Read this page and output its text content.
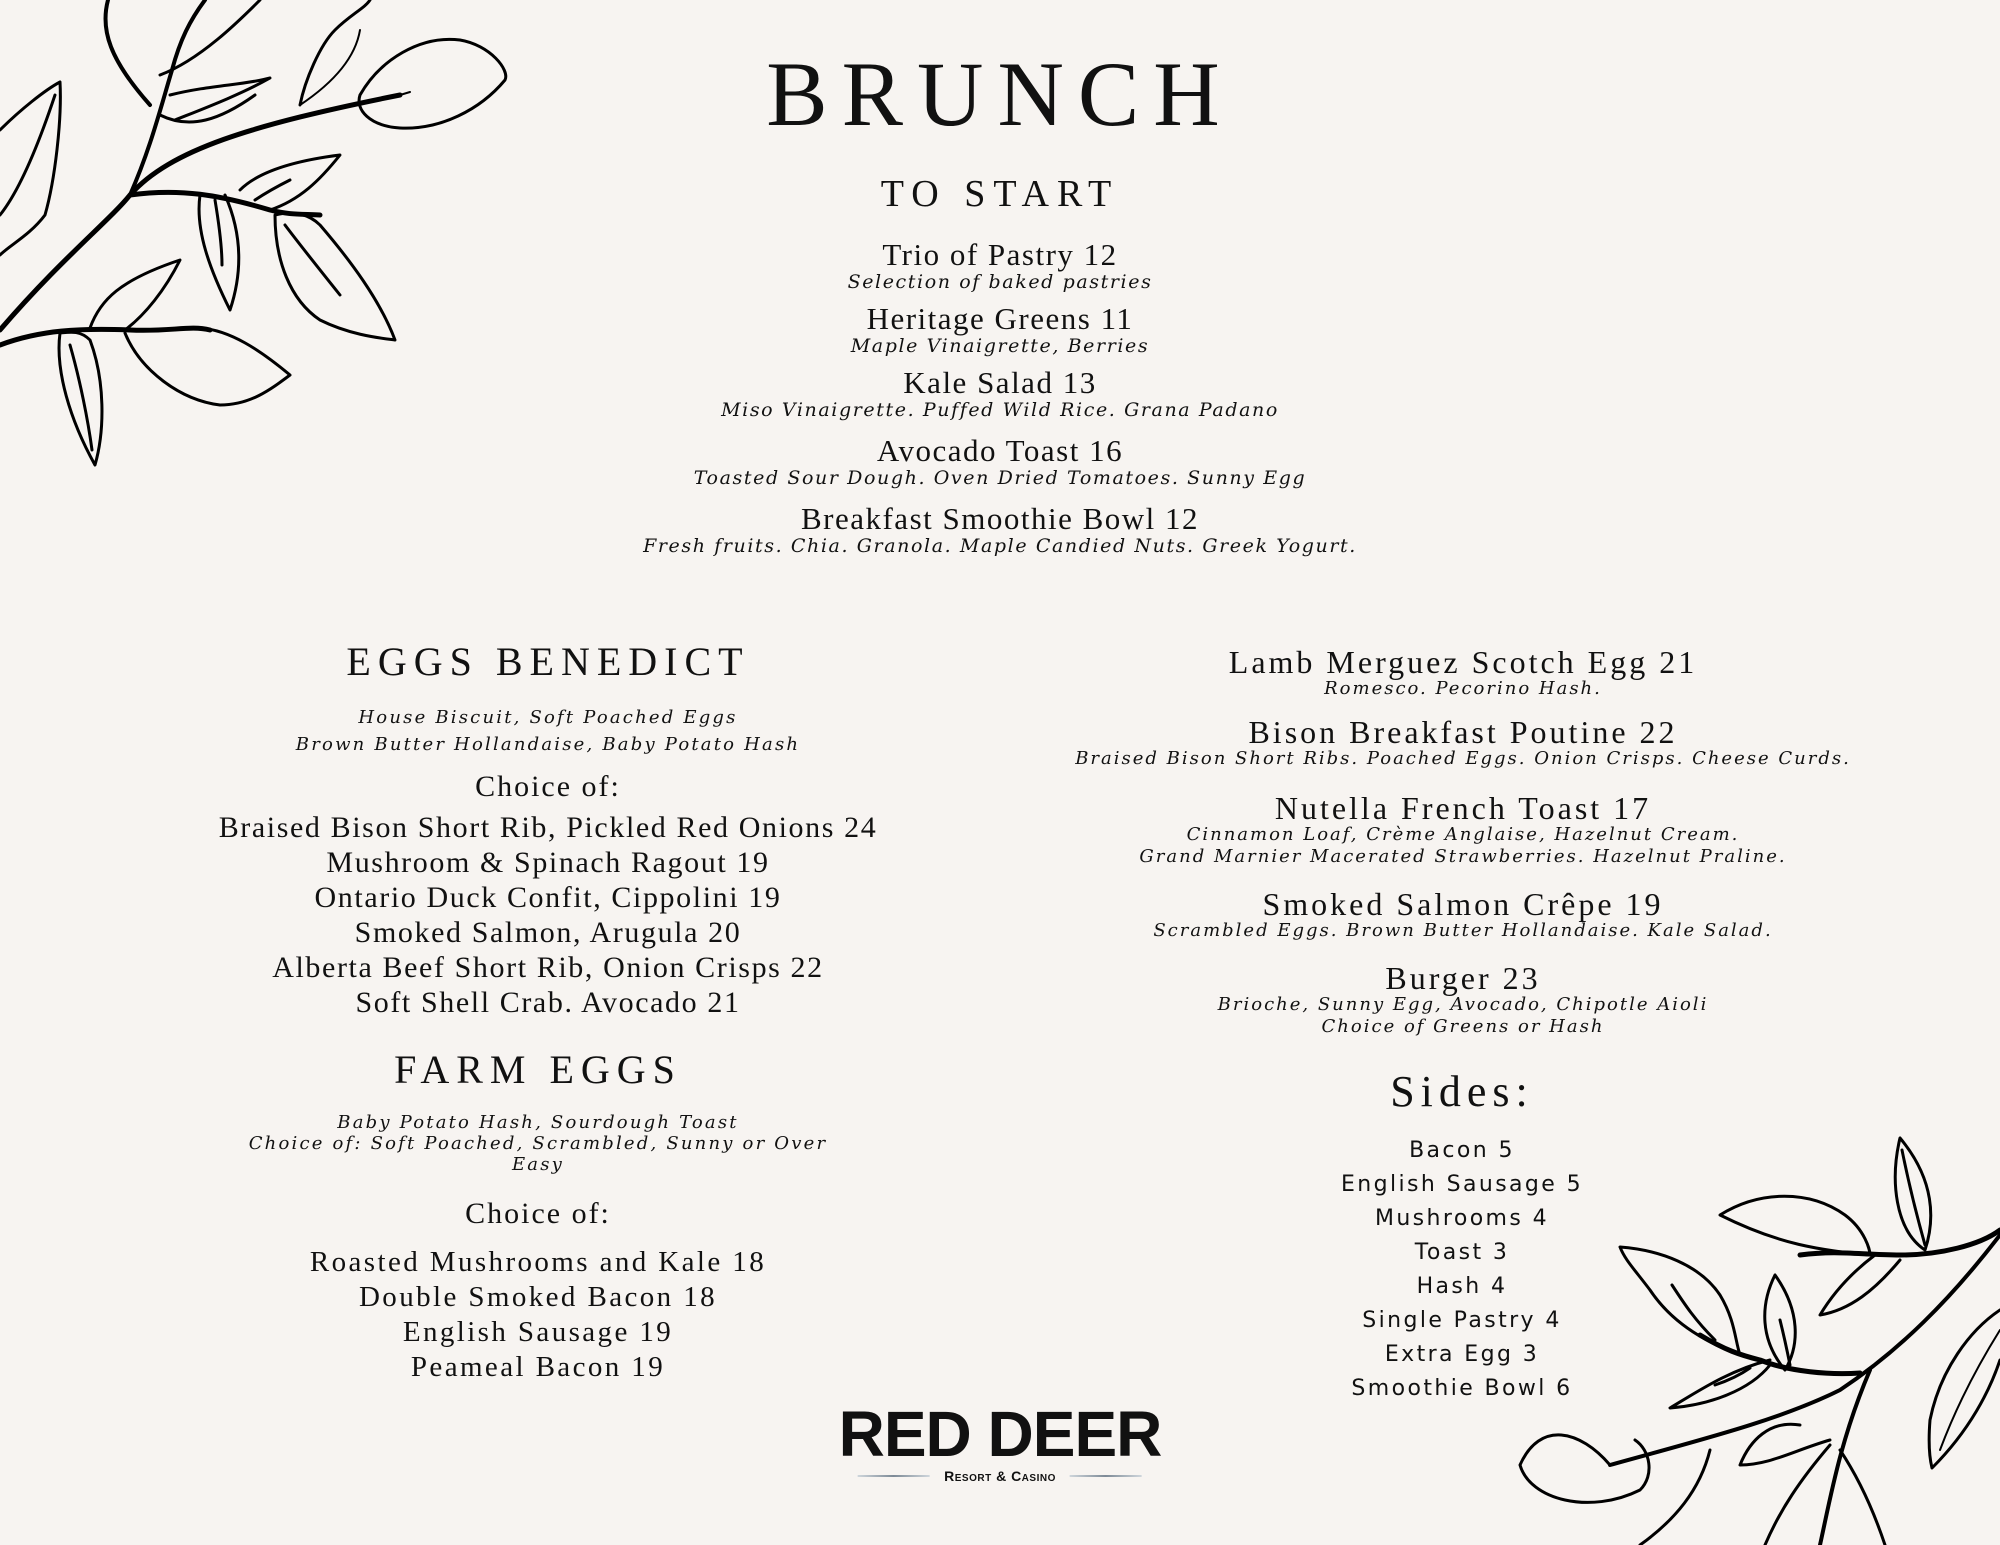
BRUNCH
TO START
Trio of Pastry 12
Selection of baked pastries
Heritage Greens 11
Maple Vinaigrette, Berries
Kale Salad 13
Miso Vinaigrette. Puffed Wild Rice. Grana Padano
Avocado Toast 16
Toasted Sour Dough. Oven Dried Tomatoes. Sunny Egg
Breakfast Smoothie Bowl 12
Fresh fruits. Chia. Granola. Maple Candied Nuts. Greek Yogurt.
EGGS BENEDICT
House Biscuit, Soft Poached Eggs
Brown Butter Hollandaise, Baby Potato Hash
Choice of:
Braised Bison Short Rib, Pickled Red Onions 24
Mushroom & Spinach Ragout 19
Ontario Duck Confit, Cippolini 19
Smoked Salmon, Arugula 20
Alberta Beef Short Rib, Onion Crisps 22
Soft Shell Crab. Avocado 21
FARM EGGS
Baby Potato Hash, Sourdough Toast
Choice of: Soft Poached, Scrambled, Sunny or Over
Easy
Choice of:
Roasted Mushrooms and Kale 18
Double Smoked Bacon 18
English Sausage 19
Peameal Bacon 19
Lamb Merguez Scotch Egg 21
Romesco. Pecorino Hash.
Bison Breakfast Poutine 22
Braised Bison Short Ribs. Poached Eggs. Onion Crisps. Cheese Curds.
Nutella French Toast 17
Cinnamon Loaf, Crème Anglaise, Hazelnut Cream.
Grand Marnier Macerated Strawberries. Hazelnut Praline.
Smoked Salmon Crêpe 19
Scrambled Eggs. Brown Butter Hollandaise. Kale Salad.
Burger 23
Brioche, Sunny Egg, Avocado, Chipotle Aioli
Choice of Greens or Hash
Sides:
Bacon 5
English Sausage 5
Mushrooms 4
Toast 3
Hash 4
Single Pastry 4
Extra Egg 3
Smoothie Bowl 6
RED DEER
Resort & Casino
